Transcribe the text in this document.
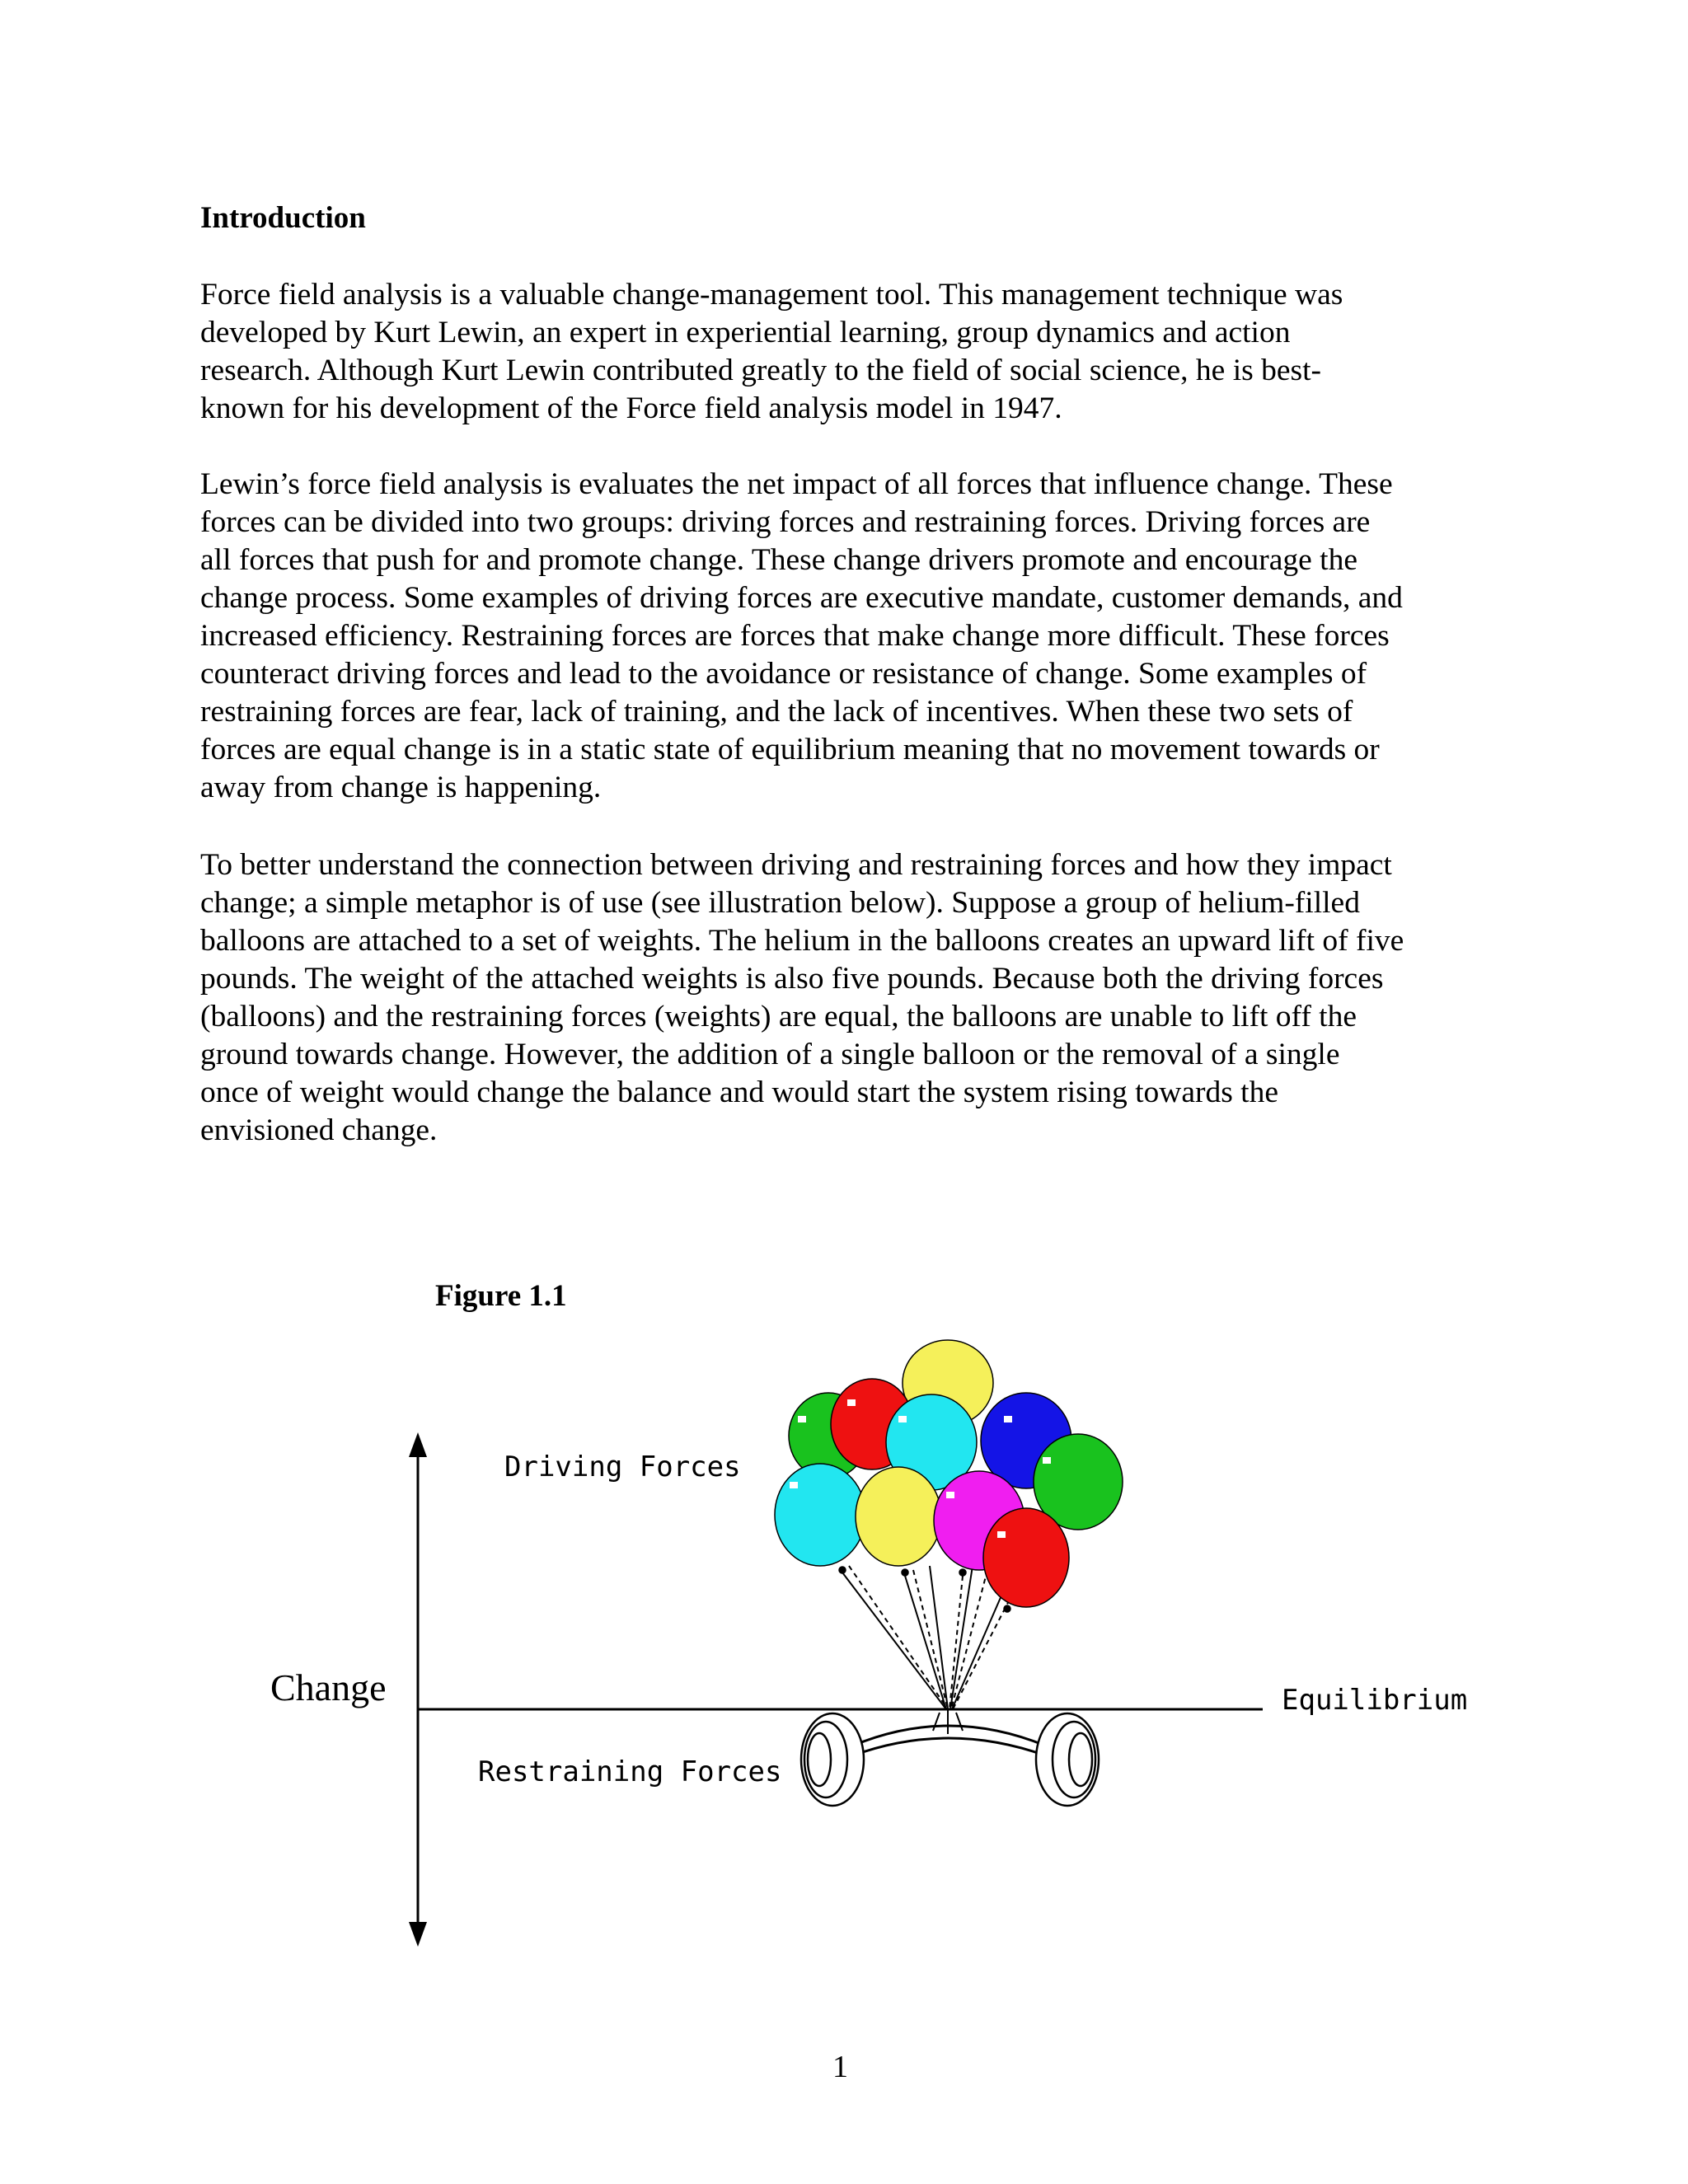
Introduction
Force field analysis is a valuable change-management tool. This management technique was
developed by Kurt Lewin, an expert in experiential learning, group dynamics and action
research. Although Kurt Lewin contributed greatly to the field of social science, he is best-
known for his development of the Force field analysis model in 1947.
Lewin’s force field analysis is evaluates the net impact of all forces that influence change. These
forces can be divided into two groups: driving forces and restraining forces. Driving forces are
all forces that push for and promote change. These change drivers promote and encourage the
change process. Some examples of driving forces are executive mandate, customer demands, and
increased efficiency. Restraining forces are forces that make change more difficult. These forces
counteract driving forces and lead to the avoidance or resistance of change. Some examples of
restraining forces are fear, lack of training, and the lack of incentives. When these two sets of
forces are equal change is in a static state of equilibrium meaning that no movement towards or
away from change is happening.
To better understand the connection between driving and restraining forces and how they impact
change; a simple metaphor is of use (see illustration below). Suppose a group of helium-filled
balloons are attached to a set of weights. The helium in the balloons creates an upward lift of five
pounds. The weight of the attached weights is also five pounds. Because both the driving forces
(balloons) and the restraining forces (weights) are equal, the balloons are unable to lift off the
ground towards change. However, the addition of a single balloon or the removal of a single
once of weight would change the balance and would start the system rising towards the
envisioned change.

Figure 1.1

Driving Forces

Restraining Forces

Equilibrium

Change

1
